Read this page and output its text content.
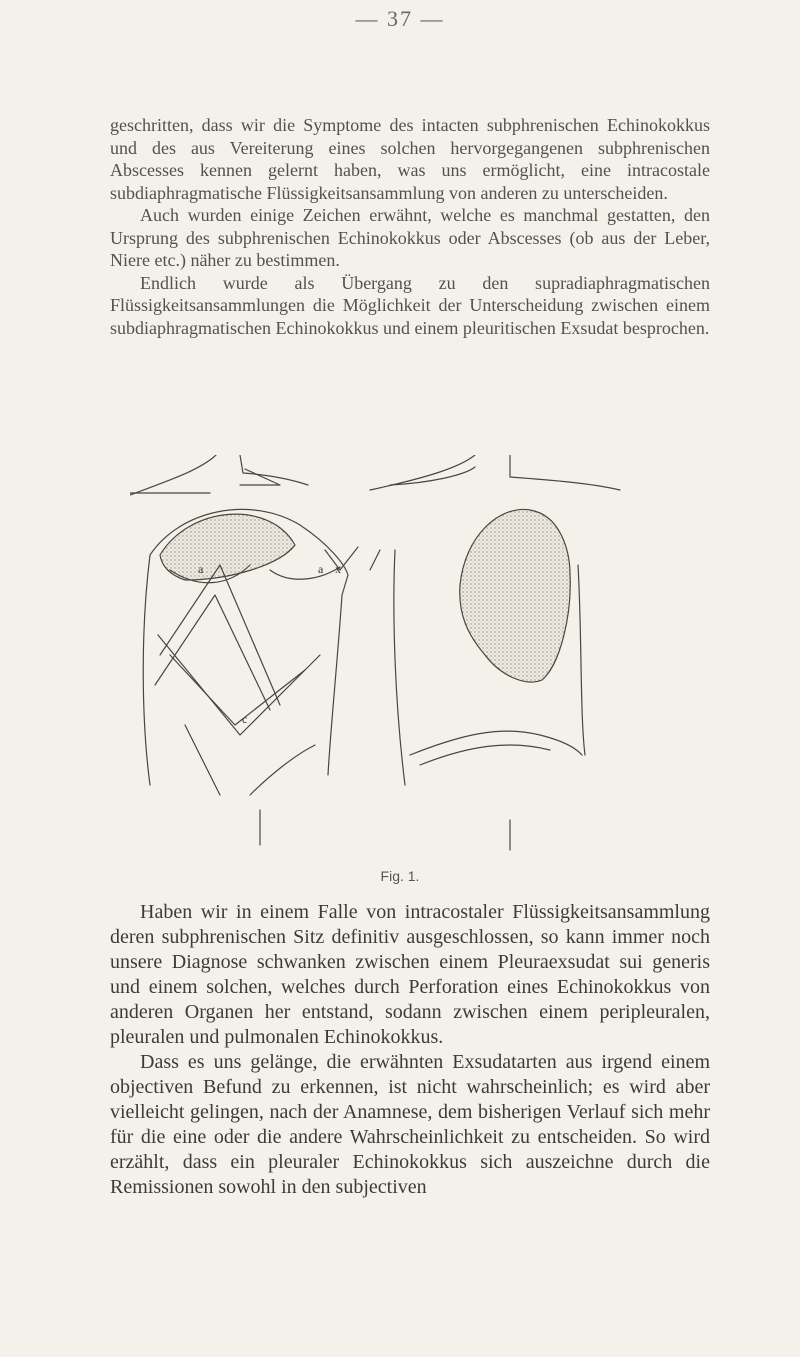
— 37 —

geschritten, dass wir die Symptome des intacten subphrenischen Echinokokkus und des aus Vereiterung eines solchen hervorgegangenen subphrenischen Abscesses kennen gelernt haben, was uns ermöglicht, eine intracostale subdiaphragmatische Flüssigkeitsansammlung von anderen zu unterscheiden.

Auch wurden einige Zeichen erwähnt, welche es manchmal gestatten, den Ursprung des subphrenischen Echinokokkus oder Abscesses (ob aus der Leber, Niere etc.) näher zu bestimmen.

Endlich wurde als Übergang zu den supradiaphragmatischen Flüssigkeitsansammlungen die Möglichkeit der Unterscheidung zwischen einem subdiaphragmatischen Echinokokkus und einem pleuritischen Exsudat besprochen.

a	a x
c
Fig. 1.

Haben wir in einem Falle von intracostaler Flüssigkeitsansammlung deren subphrenischen Sitz definitiv ausgeschlossen, so kann immer noch unsere Diagnose schwanken zwischen einem Pleuraexsudat sui generis und einem solchen, welches durch Perforation eines Echinokokkus von anderen Organen her entstand, sodann zwischen einem peripleuralen, pleuralen und pulmonalen Echinokokkus.

Dass es uns gelänge, die erwähnten Exsudatarten aus irgend einem objectiven Befund zu erkennen, ist nicht wahrscheinlich; es wird aber vielleicht gelingen, nach der Anamnese, dem bisherigen Verlauf sich mehr für die eine oder die andere Wahrscheinlichkeit zu entscheiden. So wird erzählt, dass ein pleuraler Echinokokkus sich auszeichne durch die Remissionen sowohl in den subjectiven
